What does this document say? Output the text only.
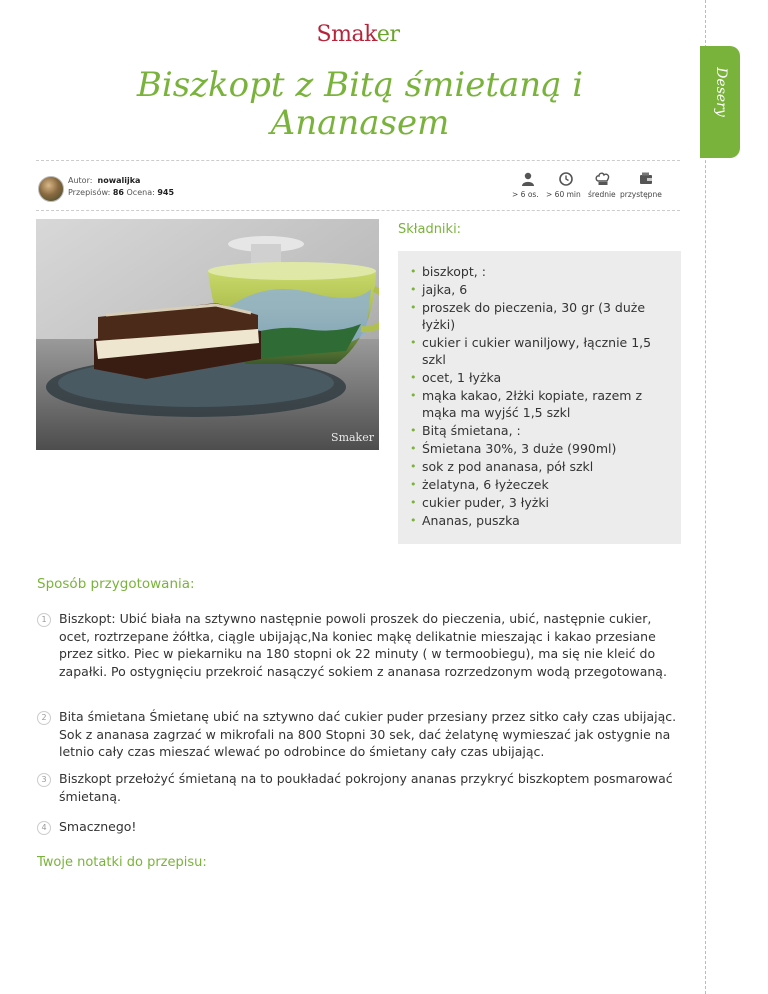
Smaker
Biszkopt z Bitą śmietaną i Ananasem
Desery
Autor: nowalijka
Przepisów: 86 Ocena: 945	> 6 os. > 60 min średnie przystępne
Smaker
Składniki:
• biszkopt, :
• jajka, 6
• proszek do pieczenia, 30 gr (3 duże łyżki)
• cukier i cukier waniljowy, łącznie 1,5 szkl
• ocet, 1 łyżka
• mąka kakao, 2łżki kopiate, razem z mąka ma wyjść 1,5 szkl
• Bitą śmietana, :
• Śmietana 30%, 3 duże (990ml)
• sok z pod ananasa, pół szkl
• żelatyna, 6 łyżeczek
• cukier puder, 3 łyżki
• Ananas, puszka
Sposób przygotowania:
1 Biszkopt: Ubić biała na sztywno następnie powoli proszek do pieczenia, ubić, następnie cukier, ocet, roztrzepane żółtka, ciągle ubijając,Na koniec mąkę delikatnie mieszając i kakao przesiane przez sitko. Piec w piekarniku na 180 stopni ok 22 minuty ( w termoobiegu), ma się nie kleić do zapałki. Po ostygnięciu przekroić nasączyć sokiem z ananasa rozrzedzonym wodą przegotowaną.
2 Bita śmietana Śmietanę ubić na sztywno dać cukier puder przesiany przez sitko cały czas ubijając. Sok z ananasa zagrzać w mikrofali na 800 Stopni 30 sek, dać żelatynę wymieszać jak ostygnie na letnio cały czas mieszać wlewać po odrobince do śmietany cały czas ubijając.
3 Biszkopt przełożyć śmietaną na to poukładać pokrojony ananas przykryć biszkoptem posmarować śmietaną.
4 Smacznego!
Twoje notatki do przepisu:
